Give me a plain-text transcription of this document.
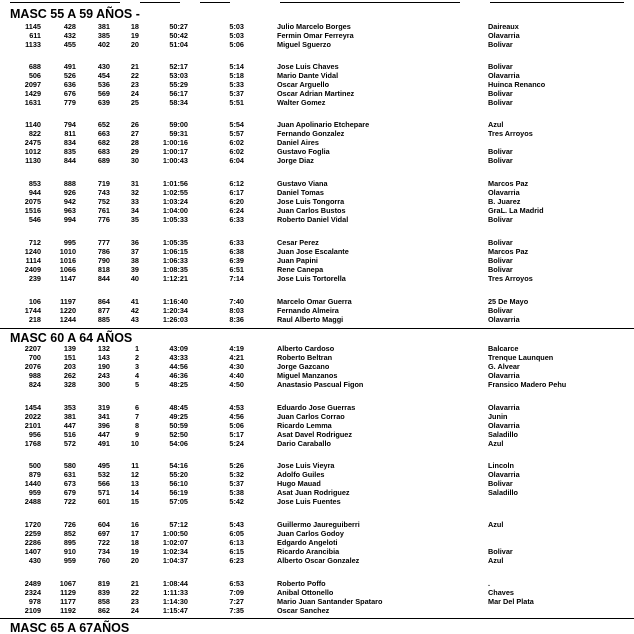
MASC 55 A 59 AÑOS -
1145	428	381	18	50:27	5:03	Julio Marcelo Borges	Daireaux
611	432	385	19	50:42	5:03	Fermin Omar Ferreyra	Olavarria
1133	455	402	20	51:04	5:06	Miguel Sguerzo	Bolivar
688	491	430	21	52:17	5:14	Jose Luis Chaves	Bolivar
506	526	454	22	53:03	5:18	Mario Dante Vidal	Olavarria
2097	636	536	23	55:29	5:33	Oscar Arguello	Huinca Renanco
1429	676	569	24	56:17	5:37	Oscar Adrian Martinez	Bolivar
1631	779	639	25	58:34	5:51	Walter Gomez	Bolivar
1140	794	652	26	59:00	5:54	Juan Apolinario Etchepare	Azul
822	811	663	27	59:31	5:57	Fernando Gonzalez	Tres Arroyos
2475	834	682	28	1:00:16	6:02	Daniel Aires
1012	835	683	29	1:00:17	6:02	Gustavo Foglia	Bolivar
1130	844	689	30	1:00:43	6:04	Jorge Diaz	Bolivar
853	888	719	31	1:01:56	6:12	Gustavo Viana	Marcos Paz
944	926	743	32	1:02:55	6:17	Daniel Tomas	Olavarria
2075	942	752	33	1:03:24	6:20	Jose Luis Tongorra	B. Juarez
1516	963	761	34	1:04:00	6:24	Juan Carlos Bustos	GraL. La Madrid
546	994	776	35	1:05:33	6:33	Roberto Daniel Vidal	Bolivar
712	995	777	36	1:05:35	6:33	Cesar Perez	Bolivar
1240	1010	786	37	1:06:15	6:38	Juan Jose Escalante	Marcos Paz
1114	1016	790	38	1:06:33	6:39	Juan Papini	Bolivar
2409	1066	818	39	1:08:35	6:51	Rene Canepa	Bolivar
239	1147	844	40	1:12:21	7:14	Jose Luis Tortorella	Tres Arroyos
106	1197	864	41	1:16:40	7:40	Marcelo Omar Guerra	25 De Mayo
1744	1220	877	42	1:20:34	8:03	Fernando Almeira	Bolivar
218	1244	885	43	1:26:03	8:36	Raul Alberto Maggi	Olavarria
MASC 60 A 64 AÑOS
2207	139	132	1	43:09	4:19	Alberto Cardoso	Balcarce
700	151	143	2	43:33	4:21	Roberto Beltran	Trenque Launquen
2076	203	190	3	44:56	4:30	Jorge Gazcano	G. Alvear
988	262	243	4	46:36	4:40	Miguel Manzanos	Olavarria
824	328	300	5	48:25	4:50	Anastasio Pascual Figon	Fransico Madero Pehu
1454	353	319	6	48:45	4:53	Eduardo Jose Guerras	Olavarria
2022	381	341	7	49:25	4:56	Juan Carlos Corrao	Junin
2101	447	396	8	50:59	5:06	Ricardo Lemma	Olavarria
956	516	447	9	52:50	5:17	Asat Davel Rodriguez	Saladillo
1768	572	491	10	54:06	5:24	Dario Caraballo	Azul
500	580	495	11	54:16	5:26	Jose Luis Vieyra	Lincoln
879	631	532	12	55:20	5:32	Adolfo Guiles	Olavarria
1440	673	566	13	56:10	5:37	Hugo Mauad	Bolivar
959	679	571	14	56:19	5:38	Asat Juan Rodriguez	Saladillo
2488	722	601	15	57:05	5:42	Jose Luis Fuentes
1720	726	604	16	57:12	5:43	Guillermo Jaureguiberri	Azul
2259	852	697	17	1:00:50	6:05	Juan Carlos Godoy
2286	895	722	18	1:02:07	6:13	Edgardo Angeloti
1407	910	734	19	1:02:34	6:15	Ricardo Arancibia	Bolivar
430	959	760	20	1:04:37	6:23	Alberto Oscar Gonzalez	Azul
2489	1067	819	21	1:08:44	6:53	Roberto Poffo	.
2324	1129	839	22	1:11:33	7:09	Anibal Ottonello	Chaves
978	1177	858	23	1:14:30	7:27	Mario Juan Santander Spataro	Mar Del Plata
2109	1192	862	24	1:15:47	7:35	Oscar Sanchez
MASC 65 A 67AÑOS
